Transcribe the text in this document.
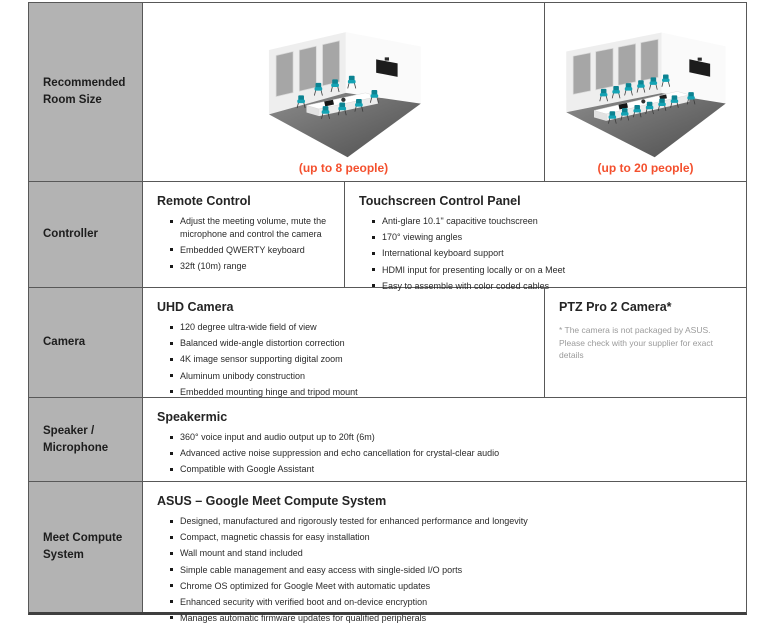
Recommended Room Size
(up to 8 people)	(up to 20 people)
Controller
Remote Control
Adjust the meeting volume, mute the microphone and control the camera
Embedded QWERTY keyboard
32ft (10m) range
Touchscreen Control Panel
Anti-glare 10.1" capacitive touchscreen
170° viewing angles
International keyboard support
HDMI input for presenting locally or on a Meet
Easy to assemble with color coded cables
Camera
UHD Camera
120 degree ultra-wide field of view
Balanced wide-angle distortion correction
4K image sensor supporting digital zoom
Aluminum unibody construction
Embedded mounting hinge and tripod mount
PTZ Pro 2 Camera*
* The camera is not packaged by ASUS. Please check with your supplier for exact details
Speaker / Microphone
Speakermic
360° voice input and audio output up to 20ft (6m)
Advanced active noise suppression and echo cancellation for crystal-clear audio
Compatible with Google Assistant
Meet Compute System
ASUS – Google Meet Compute System
Designed, manufactured and rigorously tested for enhanced performance and longevity
Compact, magnetic chassis for easy installation
Wall mount and stand included
Simple cable management and easy access with single-sided I/O ports
Chrome OS optimized for Google Meet with automatic updates
Enhanced security with verified boot and on-device encryption
Manages automatic firmware updates for qualified peripherals
